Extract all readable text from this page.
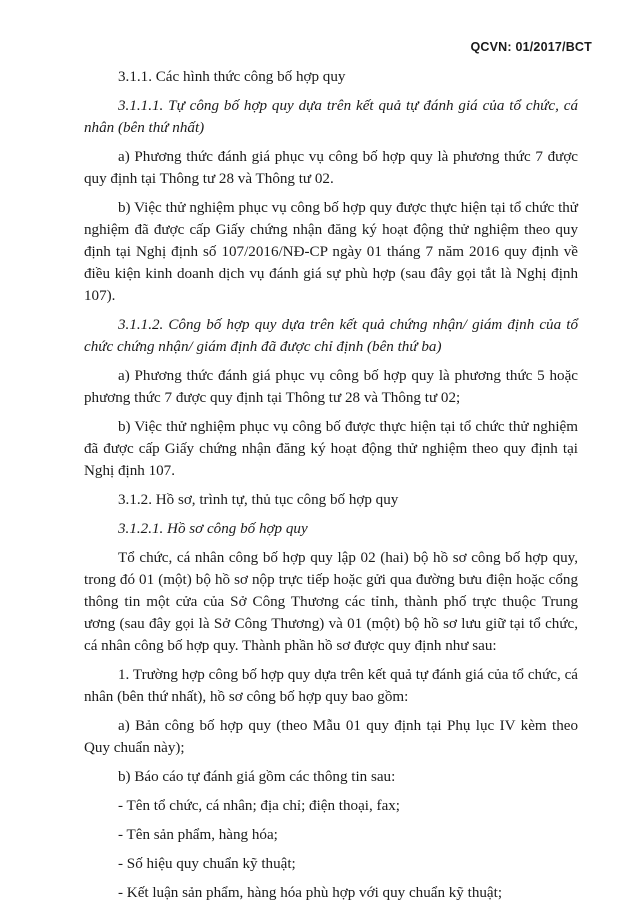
QCVN: 01/2017/BCT

3.1.1. Các hình thức công bố hợp quy

3.1.1.1. Tự công bố hợp quy dựa trên kết quả tự đánh giá của tổ chức, cá nhân (bên thứ nhất)

a) Phương thức đánh giá phục vụ công bố hợp quy là phương thức 7 được quy định tại Thông tư 28 và Thông tư 02.

b) Việc thử nghiệm phục vụ công bố hợp quy được thực hiện tại tổ chức thử nghiệm đã được cấp Giấy chứng nhận đăng ký hoạt động thử nghiệm theo quy định tại Nghị định số 107/2016/NĐ-CP ngày 01 tháng 7 năm 2016 quy định về điều kiện kinh doanh dịch vụ đánh giá sự phù hợp (sau đây gọi tắt là Nghị định 107).

3.1.1.2. Công bố hợp quy dựa trên kết quả chứng nhận/ giám định của tổ chức chứng nhận/ giám định đã được chỉ định (bên thứ ba)

a) Phương thức đánh giá phục vụ công bố hợp quy là phương thức 5 hoặc phương thức 7 được quy định tại Thông tư 28 và Thông tư 02;

b) Việc thử nghiệm phục vụ công bố được thực hiện tại tổ chức thử nghiệm đã được cấp Giấy chứng nhận đăng ký hoạt động thử nghiệm theo quy định tại Nghị định 107.

3.1.2. Hồ sơ, trình tự, thủ tục công bố hợp quy

3.1.2.1. Hồ sơ công bố hợp quy

Tổ chức, cá nhân công bố hợp quy lập 02 (hai) bộ hồ sơ công bố hợp quy, trong đó 01 (một) bộ hồ sơ nộp trực tiếp hoặc gửi qua đường bưu điện hoặc cổng thông tin một cửa của Sở Công Thương các tỉnh, thành phố trực thuộc Trung ương (sau đây gọi là Sở Công Thương) và 01 (một) bộ hồ sơ lưu giữ tại tổ chức, cá nhân công bố hợp quy. Thành phần hồ sơ được quy định như sau:

1. Trường hợp công bố hợp quy dựa trên kết quả tự đánh giá của tổ chức, cá nhân (bên thứ nhất), hồ sơ công bố hợp quy bao gồm:

a) Bản công bố hợp quy (theo Mẫu 01 quy định tại Phụ lục IV kèm theo Quy chuẩn này);

b) Báo cáo tự đánh giá gồm các thông tin sau:

- Tên tổ chức, cá nhân; địa chỉ; điện thoại, fax;

- Tên sản phẩm, hàng hóa;

- Số hiệu quy chuẩn kỹ thuật;

- Kết luận sản phẩm, hàng hóa phù hợp với quy chuẩn kỹ thuật;
